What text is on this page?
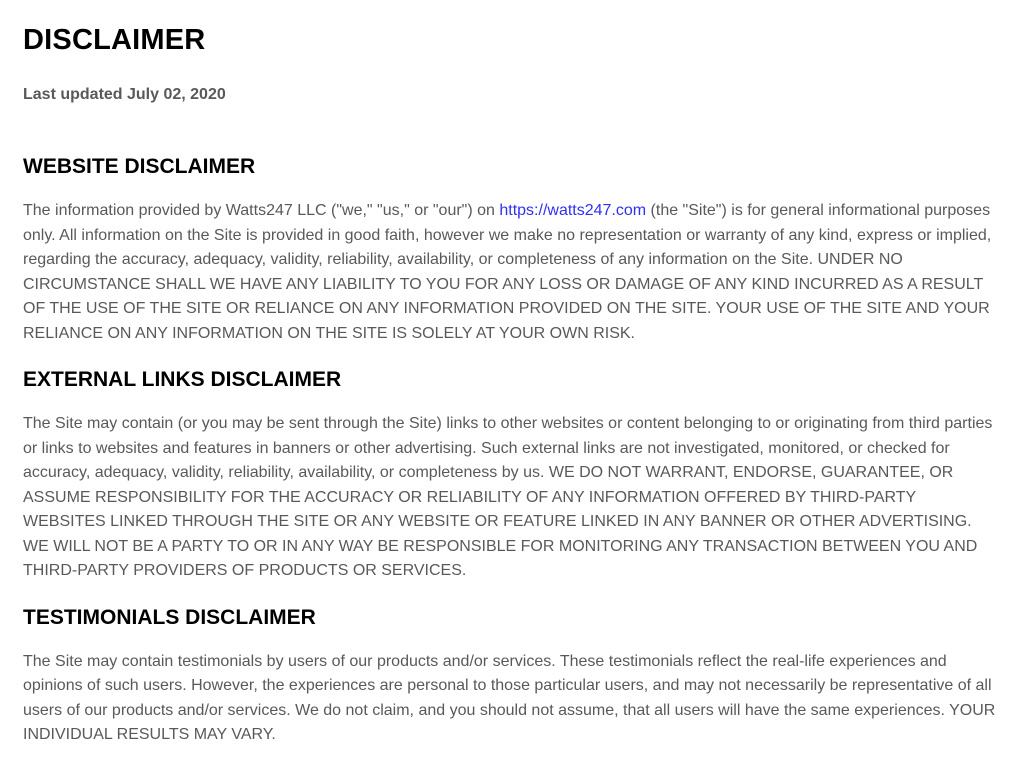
DISCLAIMER

Last updated July 02, 2020

WEBSITE DISCLAIMER

The information provided by Watts247 LLC ("we," "us," or "our") on https://watts247.com (the "Site") is for general informational purposes only. All information on the Site is provided in good faith, however we make no representation or warranty of any kind, express or implied, regarding the accuracy, adequacy, validity, reliability, availability, or completeness of any information on the Site. UNDER NO CIRCUMSTANCE SHALL WE HAVE ANY LIABILITY TO YOU FOR ANY LOSS OR DAMAGE OF ANY KIND INCURRED AS A RESULT OF THE USE OF THE SITE OR RELIANCE ON ANY INFORMATION PROVIDED ON THE SITE. YOUR USE OF THE SITE AND YOUR RELIANCE ON ANY INFORMATION ON THE SITE IS SOLELY AT YOUR OWN RISK.

EXTERNAL LINKS DISCLAIMER

The Site may contain (or you may be sent through the Site) links to other websites or content belonging to or originating from third parties or links to websites and features in banners or other advertising. Such external links are not investigated, monitored, or checked for accuracy, adequacy, validity, reliability, availability, or completeness by us. WE DO NOT WARRANT, ENDORSE, GUARANTEE, OR ASSUME RESPONSIBILITY FOR THE ACCURACY OR RELIABILITY OF ANY INFORMATION OFFERED BY THIRD-PARTY WEBSITES LINKED THROUGH THE SITE OR ANY WEBSITE OR FEATURE LINKED IN ANY BANNER OR OTHER ADVERTISING. WE WILL NOT BE A PARTY TO OR IN ANY WAY BE RESPONSIBLE FOR MONITORING ANY TRANSACTION BETWEEN YOU AND THIRD-PARTY PROVIDERS OF PRODUCTS OR SERVICES.

TESTIMONIALS DISCLAIMER

The Site may contain testimonials by users of our products and/or services. These testimonials reflect the real-life experiences and opinions of such users. However, the experiences are personal to those particular users, and may not necessarily be representative of all users of our products and/or services. We do not claim, and you should not assume, that all users will have the same experiences. YOUR INDIVIDUAL RESULTS MAY VARY.
